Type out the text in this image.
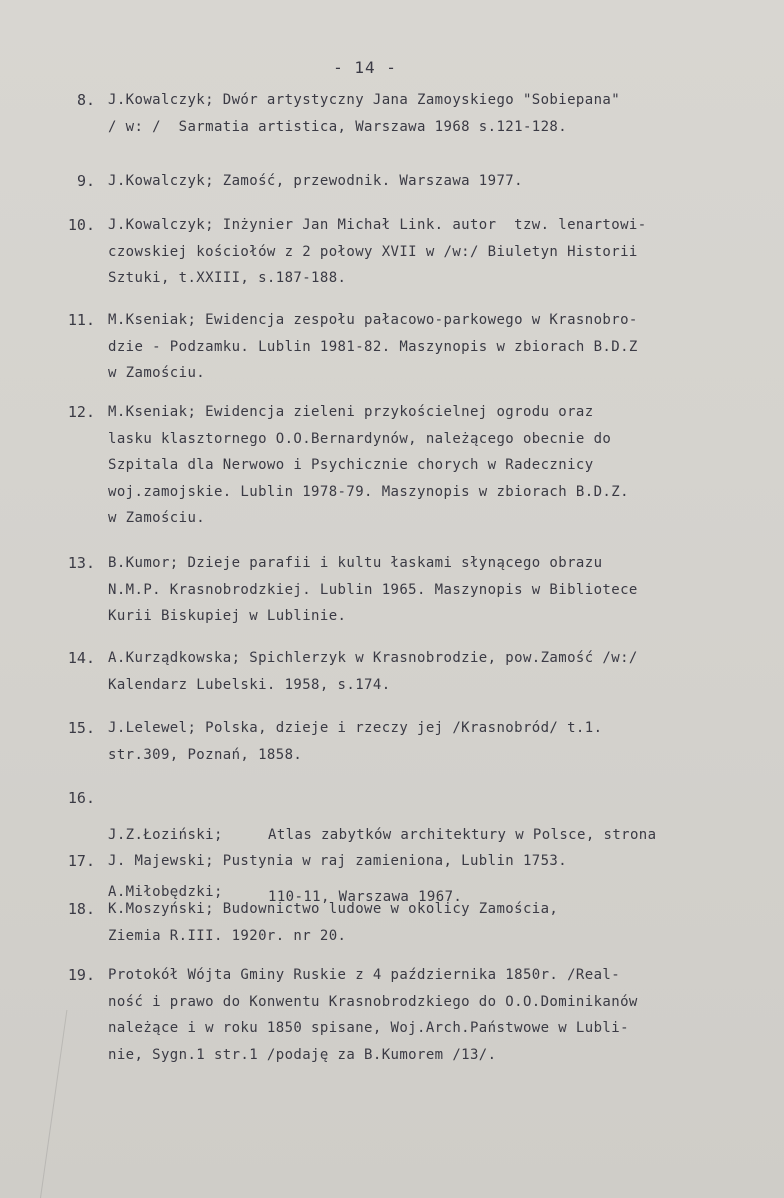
- 14 -
8. J.Kowalczyk; Dwór artystyczny Jana Zamoyskiego "Sobiepana"
/ w: /  Sarmatia artistica, Warszawa 1968 s.121-128.
9. J.Kowalczyk; Zamość, przewodnik. Warszawa 1977.
10. J.Kowalczyk; Inżynier Jan Michał Link. autor  tzw. lenartowi-
czowskiej kościołów z 2 połowy XVII w /w:/ Biuletyn Historii
Sztuki, t.XXIII, s.187-188.
11. M.Kseniak; Ewidencja zespołu pałacowo-parkowego w Krasnobro-
dzie - Podzamku. Lublin 1981-82. Maszynopis w zbiorach B.D.Z
w Zamościu.
12. M.Kseniak; Ewidencja zieleni przykościelnej ogrodu oraz
lasku klasztornego O.O.Bernardynów, należącego obecnie do
Szpitala dla Nerwowo i Psychicznie chorych w Radecznicy
woj.zamojskie. Lublin 1978-79. Maszynopis w zbiorach B.D.Z.
w Zamościu.
13. B.Kumor; Dzieje parafii i kultu łaskami słynącego obrazu
N.M.P. Krasnobrodzkiej. Lublin 1965. Maszynopis w Bibliotece
Kurii Biskupiej w Lublinie.
14. A.Kurządkowska; Spichlerzyk w Krasnobrodzie, pow.Zamość /w:/
Kalendarz Lubelski. 1958, s.174.
15. J.Lelewel; Polska, dzieje i rzeczy jej /Krasnobród/ t.1.
str.309, Poznań, 1858.
16.

J.Z.Łoziński;

A.Miłobędzki;

Atlas zabytków architektury w Polsce, strona

110-11, Warszawa 1967.

17. J. Majewski; Pustynia w raj zamieniona, Lublin 1753.
18. K.Moszyński; Budownictwo ludowe w okolicy Zamościa,
Ziemia R.III. 1920r. nr 20.
19. Protokół Wójta Gminy Ruskie z 4 października 1850r. /Real-
ność i prawo do Konwentu Krasnobrodzkiego do O.O.Dominikanów
należące i w roku 1850 spisane, Woj.Arch.Państwowe w Lubli-
nie, Sygn.1 str.1 /podaję za B.Kumorem /13/.
